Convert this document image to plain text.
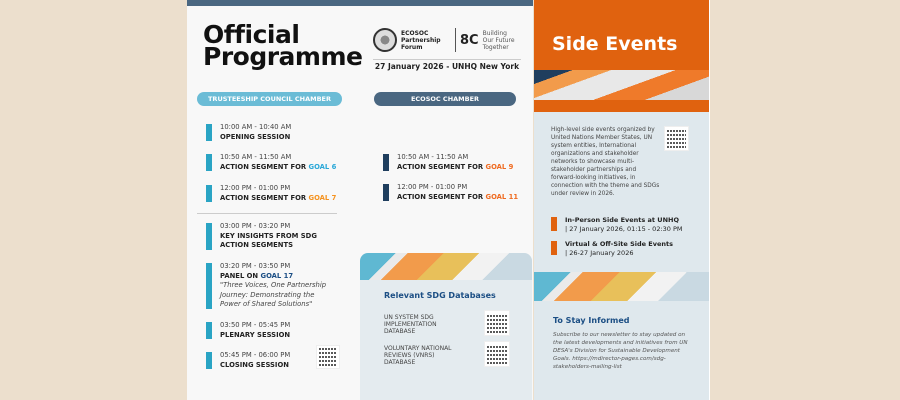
Official
Programme
ECOSOC Partnership Forum	8C Building Our Future Together
27 January 2026 - UNHQ New York
TRUSTEESHIP COUNCIL CHAMBER	ECOSOC CHAMBER
10:00 AM - 10:40 AM
OPENING SESSION
10:50 AM - 11:50 AM
ACTION SEGMENT FOR GOAL 6
12:00 PM - 01:00 PM
ACTION SEGMENT FOR GOAL 7
03:00 PM - 03:20 PM
KEY INSIGHTS FROM SDG ACTION SEGMENTS
03:20 PM - 03:50 PM
PANEL ON GOAL 17
"Three Voices, One Partnership Journey: Demonstrating the Power of Shared Solutions"
03:50 PM - 05:45 PM
PLENARY SESSION
05:45 PM - 06:00 PM
CLOSING SESSION
10:50 AM - 11:50 AM
ACTION SEGMENT FOR GOAL 9
12:00 PM - 01:00 PM
ACTION SEGMENT FOR GOAL 11
Relevant SDG Databases
UN SYSTEM SDG IMPLEMENTATION DATABASE
VOLUNTARY NATIONAL REVIEWS (VNRS) DATABASE
Side Events
High-level side events organized by United Nations Member States, UN system entities, International organizations and stakeholder networks to showcase multi-stakeholder partnerships and forward-looking initiatives, in connection with the theme and SDGs under review in 2026.
In-Person Side Events at UNHQ
| 27 January 2026, 01:15 - 02:30 PM
Virtual & Off-Site Side Events
| 26-27 January 2026
To Stay Informed
Subscribe to our newsletter to stay updated on the latest developments and initiatives from UN DESA's Division for Sustainable Development Goals. https://mdirector-pages.com/sdg-stakeholders-mailing-list
